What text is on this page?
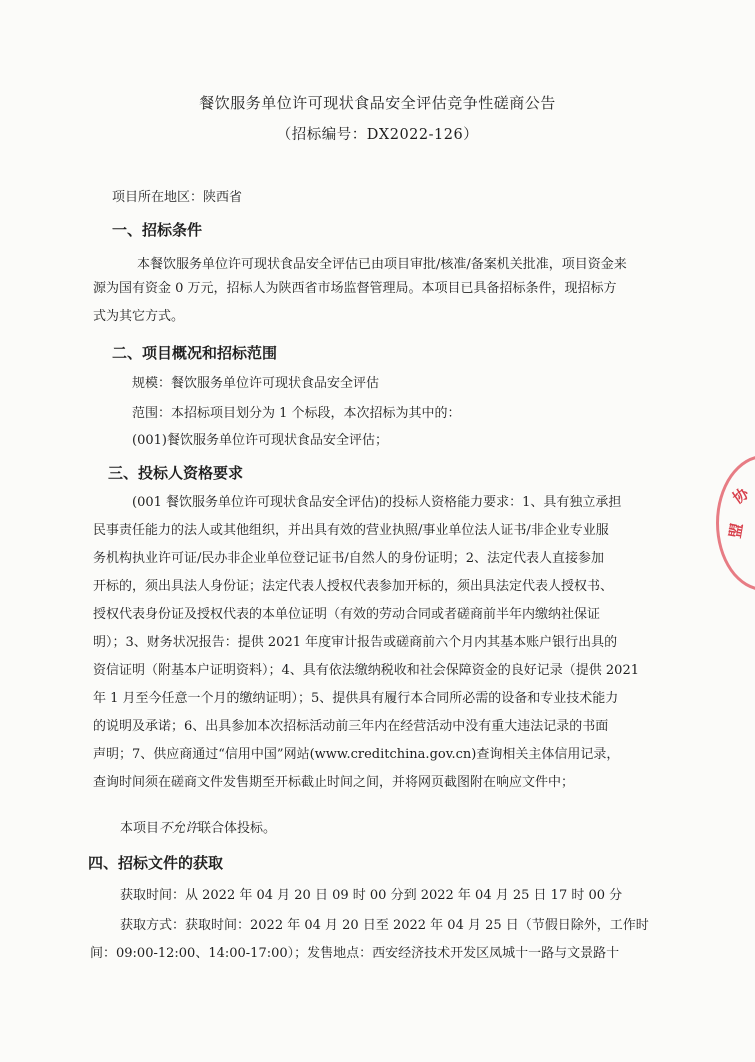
餐饮服务单位许可现状食品安全评估竞争性磋商公告
（招标编号：DX2022-126）
项目所在地区：陕西省
一、招标条件
本餐饮服务单位许可现状食品安全评估已由项目审批/核准/备案机关批准，项目资金来
源为国有资金 0 万元，招标人为陕西省市场监督管理局。本项目已具备招标条件，现招标方
式为其它方式。
二、项目概况和招标范围
规模：餐饮服务单位许可现状食品安全评估
范围：本招标项目划分为 1 个标段，本次招标为其中的：
(001)餐饮服务单位许可现状食品安全评估；
三、投标人资格要求
(001 餐饮服务单位许可现状食品安全评估)的投标人资格能力要求：1、具有独立承担
民事责任能力的法人或其他组织，并出具有效的营业执照/事业单位法人证书/非企业专业服
务机构执业许可证/民办非企业单位登记证书/自然人的身份证明；2、法定代表人直接参加
开标的，须出具法人身份证；法定代表人授权代表参加开标的，须出具法定代表人授权书、
授权代表身份证及授权代表的本单位证明（有效的劳动合同或者磋商前半年内缴纳社保证
明）；3、财务状况报告：提供 2021 年度审计报告或磋商前六个月内其基本账户银行出具的
资信证明（附基本户证明资料）；4、具有依法缴纳税收和社会保障资金的良好记录（提供 2021
年 1 月至今任意一个月的缴纳证明）；5、提供具有履行本合同所必需的设备和专业技术能力
的说明及承诺；6、出具参加本次招标活动前三年内在经营活动中没有重大违法记录的书面
声明；7、供应商通过“信用中国”网站(www.creditchina.gov.cn)查询相关主体信用记录，
查询时间须在磋商文件发售期至开标截止时间之间，并将网页截图附在响应文件中；
本项目不允许联合体投标。
四、招标文件的获取
获取时间：从 2022 年 04 月 20 日 09 时 00 分到 2022 年 04 月 25 日 17 时 00 分
获取方式：获取时间：2022 年 04 月 20 日至 2022 年 04 月 25 日（节假日除外，工作时
间：09:00-12:00、14:00-17:00）；发售地点：西安经济技术开发区凤城十一路与文景路十
协
盟
